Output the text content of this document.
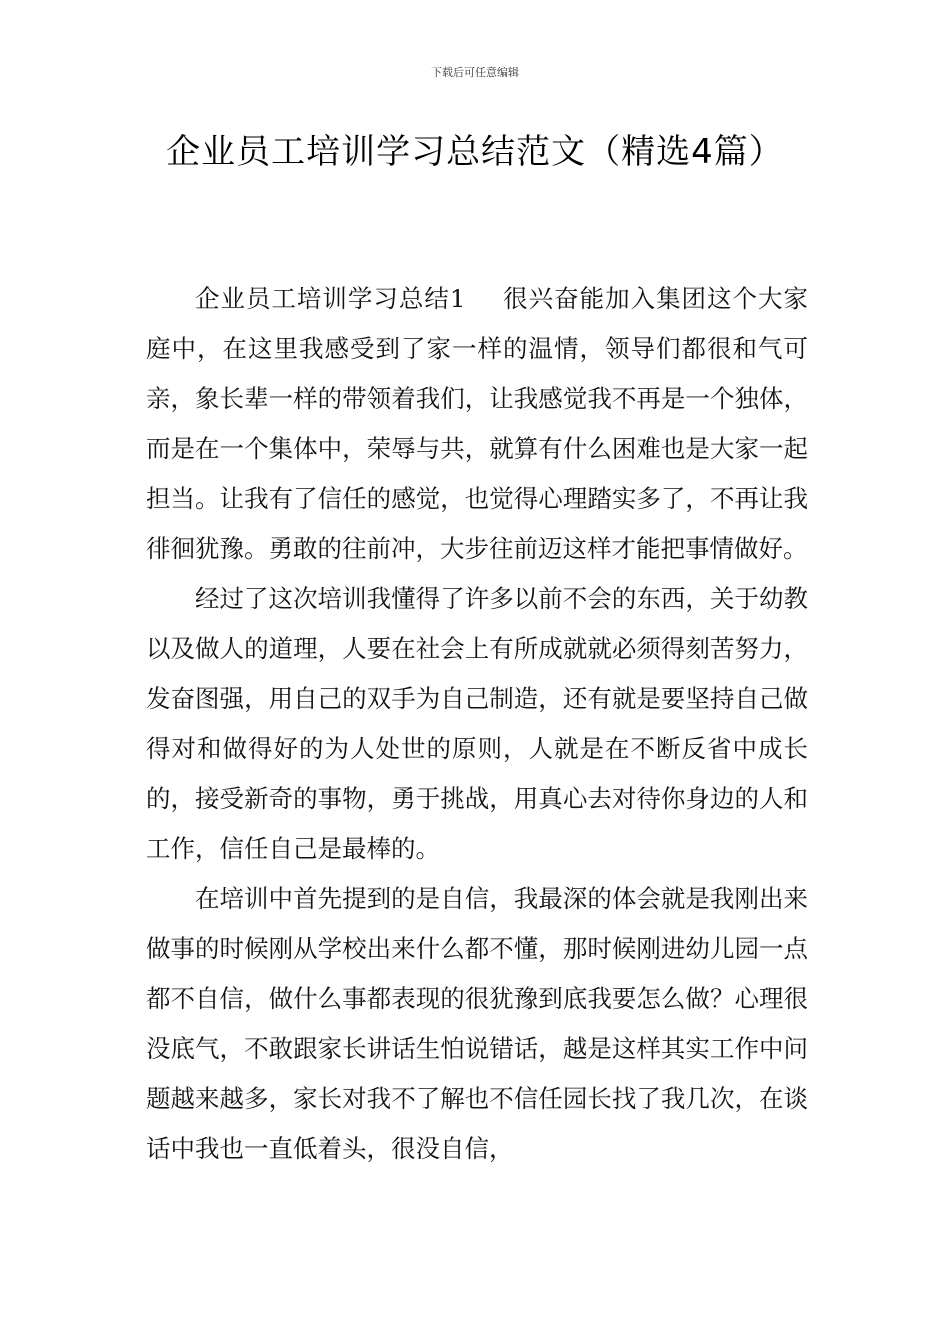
下载后可任意编辑
企业员工培训学习总结范文（精选4篇）

企业员工培训学习总结1 很兴奋能加入集团这个大家庭中，在这里我感受到了家一样的温情，领导们都很和气可亲，象长辈一样的带领着我们，让我感觉我不再是一个独体，而是在一个集体中，荣辱与共，就算有什么困难也是大家一起担当。让我有了信任的感觉，也觉得心理踏实多了，不再让我徘徊犹豫。勇敢的往前冲，大步往前迈这样才能把事情做好。

经过了这次培训我懂得了许多以前不会的东西，关于幼教以及做人的道理，人要在社会上有所成就就必须得刻苦努力，发奋图强，用自己的双手为自己制造，还有就是要坚持自己做得对和做得好的为人处世的原则，人就是在不断反省中成长的，接受新奇的事物，勇于挑战，用真心去对待你身边的人和工作，信任自己是最棒的。

在培训中首先提到的是自信，我最深的体会就是我刚出来做事的时候刚从学校出来什么都不懂，那时候刚进幼儿园一点都不自信，做什么事都表现的很犹豫到底我要怎么做？心理很没底气，不敢跟家长讲话生怕说错话，越是这样其实工作中问题越来越多，家长对我不了解也不信任园长找了我几次，在谈话中我也一直低着头，很没自信，
